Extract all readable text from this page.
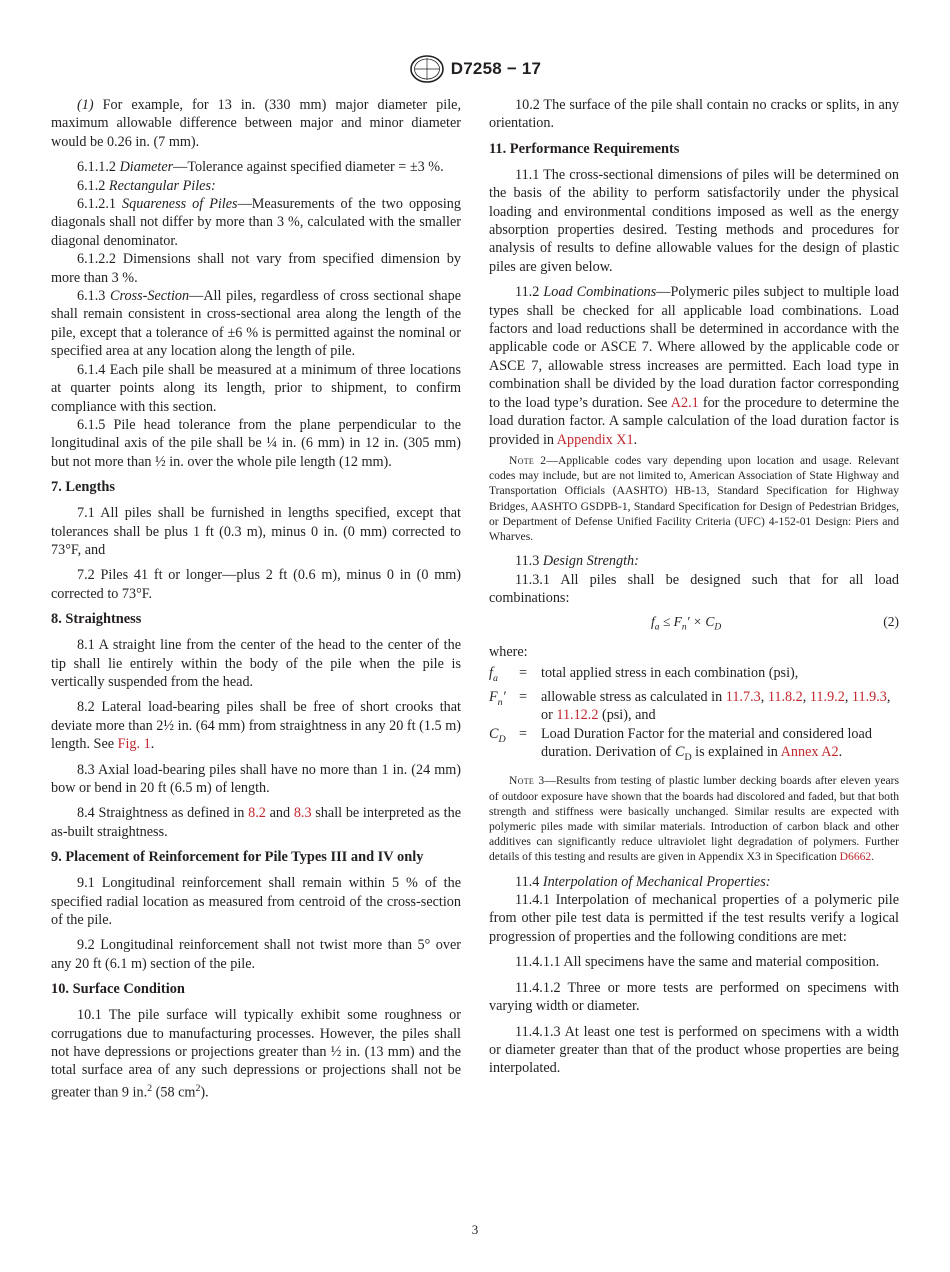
D7258 − 17

(1) For example, for 13 in. (330 mm) major diameter pile, maximum allowable difference between major and minor diameter would be 0.26 in. (7 mm).

6.1.1.2 Diameter—Tolerance against specified diameter = ±3 %.

6.1.2 Rectangular Piles:

6.1.2.1 Squareness of Piles—Measurements of the two opposing diagonals shall not differ by more than 3 %, calculated with the smaller diagonal denominator.

6.1.2.2 Dimensions shall not vary from specified dimension by more than 3 %.

6.1.3 Cross-Section—All piles, regardless of cross sectional shape shall remain consistent in cross-sectional area along the length of the pile, except that a tolerance of ±6 % is permitted against the nominal or specified area at any location along the length of pile.

6.1.4 Each pile shall be measured at a minimum of three locations at quarter points along its length, prior to shipment, to confirm compliance with this section.

6.1.5 Pile head tolerance from the plane perpendicular to the longitudinal axis of the pile shall be ¼ in. (6 mm) in 12 in. (305 mm) but not more than ½ in. over the whole pile length (12 mm).

7. Lengths

7.1 All piles shall be furnished in lengths specified, except that tolerances shall be plus 1 ft (0.3 m), minus 0 in. (0 mm) corrected to 73°F, and

7.2 Piles 41 ft or longer—plus 2 ft (0.6 m), minus 0 in (0 mm) corrected to 73°F.

8. Straightness

8.1 A straight line from the center of the head to the center of the tip shall lie entirely within the body of the pile when the pile is vertically suspended from the head.

8.2 Lateral load-bearing piles shall be free of short crooks that deviate more than 2½ in. (64 mm) from straightness in any 20 ft (1.5 m) length. See Fig. 1.

8.3 Axial load-bearing piles shall have no more than 1 in. (24 mm) bow or bend in 20 ft (6.5 m) of length.

8.4 Straightness as defined in 8.2 and 8.3 shall be interpreted as the as-built straightness.

9. Placement of Reinforcement for Pile Types III and IV only

9.1 Longitudinal reinforcement shall remain within 5 % of the specified radial location as measured from centroid of the cross-section of the pile.

9.2 Longitudinal reinforcement shall not twist more than 5° over any 20 ft (6.1 m) section of the pile.

10. Surface Condition

10.1 The pile surface will typically exhibit some roughness or corrugations due to manufacturing processes. However, the piles shall not have depressions or projections greater than ½ in. (13 mm) and the total surface area of any such depressions or projections shall not be greater than 9 in.$^2$ (58 $cm^2$).

10.2 The surface of the pile shall contain no cracks or splits, in any orientation.

11. Performance Requirements

11.1 The cross-sectional dimensions of piles will be determined on the basis of the ability to perform satisfactorily under the physical loading and environmental conditions imposed as well as the energy absorption properties desired. Testing methods and procedures for analysis of results to define allowable values for the design of plastic piles are given below.

11.2 Load Combinations—Polymeric piles subject to multiple load types shall be checked for all applicable load combinations. Load factors and load reductions shall be determined in accordance with the applicable code or ASCE 7. Where allowed by the applicable code or ASCE 7, allowable stress increases are permitted. Each load type in combination shall be divided by the load duration factor corresponding to the load type’s duration. See A2.1 for the procedure to determine the load duration factor. A sample calculation of the load duration factor is provided in Appendix X1.

Note 2—Applicable codes vary depending upon location and usage. Relevant codes may include, but are not limited to, American Association of State Highway and Transportation Officials (AASHTO) HB-13, Standard Specification for Highway Bridges, AASHTO GSDPB-1, Standard Specification for Design of Pedestrian Bridges, or Department of Defense Unified Facility Criteria (UFC) 4-152-01 Design: Piers and Wharves.

11.3 Design Strength:

11.3.1 All piles shall be designed such that for all load combinations:

$f_a \le F_n' \times C_D$	(2)

where:

$f_a$	= total applied stress in each combination (psi),
$F_n'$ = allowable stress as calculated in 11.7.3, 11.8.2, 11.9.2, 11.9.3, or 11.12.2 (psi), and
$C_D$ = Load Duration Factor for the material and considered load duration. Derivation of $C_D$ is explained in Annex A2.

Note 3—Results from testing of plastic lumber decking boards after eleven years of outdoor exposure have shown that the boards had discolored and faded, but that both strength and stiffness were basically unchanged. Similar results are expected with polymeric piles made with similar materials. Introduction of carbon black and other additives can significantly reduce ultraviolet light degradation of polymers. Further details of this testing and results are given in Appendix X3 in Specification D6662.

11.4 Interpolation of Mechanical Properties:

11.4.1 Interpolation of mechanical properties of a polymeric pile from other pile test data is permitted if the test results verify a logical progression of properties and the following conditions are met:

11.4.1.1 All specimens have the same and material composition.

11.4.1.2 Three or more tests are performed on specimens with varying width or diameter.

11.4.1.3 At least one test is performed on specimens with a width or diameter greater than that of the product whose properties are being interpolated.

3
